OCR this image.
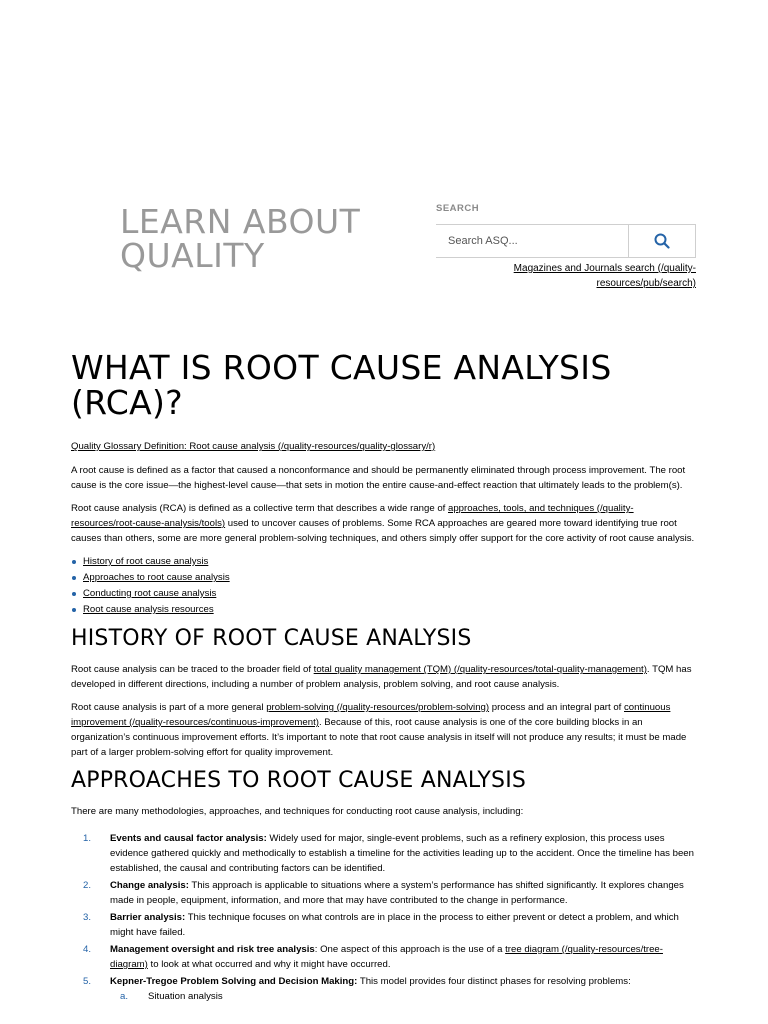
LEARN ABOUT
QUALITY
SEARCH
Search ASQ...
Magazines and Journals search (/quality-resources/pub/search)
WHAT IS ROOT CAUSE ANALYSIS (RCA)?

Quality Glossary Definition: Root cause analysis (/quality-resources/quality-glossary/r)

A root cause is defined as a factor that caused a nonconformance and should be permanently eliminated through process improvement. The root cause is the core issue—the highest-level cause—that sets in motion the entire cause-and-effect reaction that ultimately leads to the problem(s).

Root cause analysis (RCA) is defined as a collective term that describes a wide range of approaches, tools, and techniques (/quality-resources/root-cause-analysis/tools) used to uncover causes of problems. Some RCA approaches are geared more toward identifying true root causes than others, some are more general problem-solving techniques, and others simply offer support for the core activity of root cause analysis.

History of root cause analysis
Approaches to root cause analysis
Conducting root cause analysis
Root cause analysis resources
HISTORY OF ROOT CAUSE ANALYSIS

Root cause analysis can be traced to the broader field of total quality management (TQM) (/quality-resources/total-quality-management). TQM has developed in different directions, including a number of problem analysis, problem solving, and root cause analysis.

Root cause analysis is part of a more general problem-solving (/quality-resources/problem-solving) process and an integral part of continuous improvement (/quality-resources/continuous-improvement). Because of this, root cause analysis is one of the core building blocks in an organization’s continuous improvement efforts. It’s important to note that root cause analysis in itself will not produce any results; it must be made part of a larger problem-solving effort for quality improvement.

APPROACHES TO ROOT CAUSE ANALYSIS

There are many methodologies, approaches, and techniques for conducting root cause analysis, including:

1. Events and causal factor analysis: Widely used for major, single-event problems, such as a refinery explosion, this process uses evidence gathered quickly and methodically to establish a timeline for the activities leading up to the accident. Once the timeline has been established, the causal and contributing factors can be identified.
2. Change analysis: This approach is applicable to situations where a system’s performance has shifted significantly. It explores changes made in people, equipment, information, and more that may have contributed to the change in performance.
3. Barrier analysis: This technique focuses on what controls are in place in the process to either prevent or detect a problem, and which might have failed.
4. Management oversight and risk tree analysis: One aspect of this approach is the use of a tree diagram (/quality-resources/tree-diagram) to look at what occurred and why it might have occurred.
5. Kepner-Tregoe Problem Solving and Decision Making: This model provides four distinct phases for resolving problems:
a. Situation analysis
